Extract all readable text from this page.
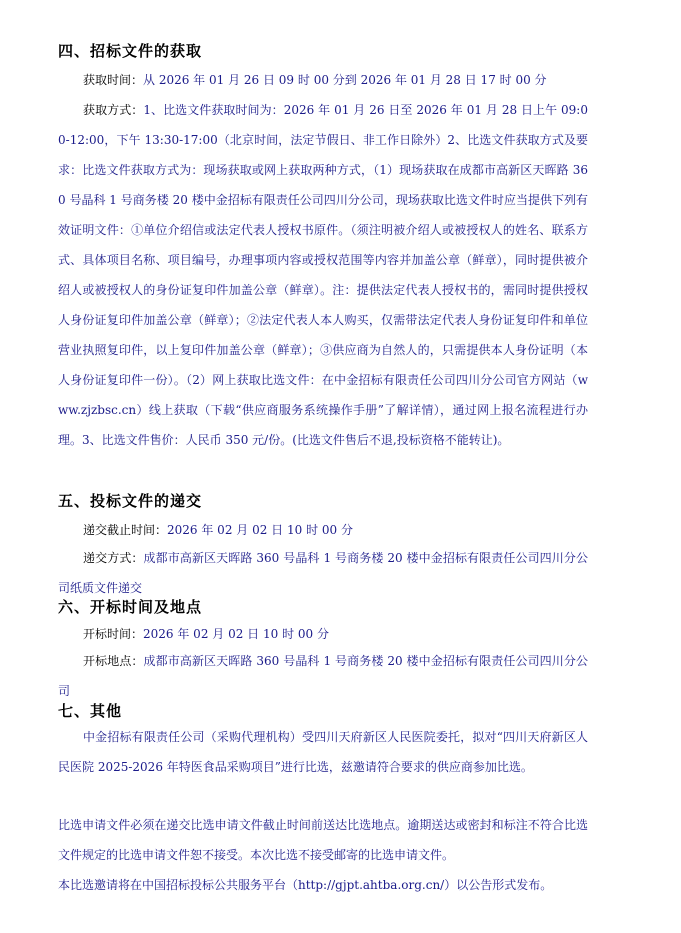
四、招标文件的获取
获取时间：从 2026 年 01 月 26 日 09 时 00 分到 2026 年 01 月 28 日 17 时 00 分
获取方式：1、比选文件获取时间为：2026 年 01 月 26 日至 2026 年 01 月 28 日上午 09:00-12:00，下午 13:30-17:00（北京时间，法定节假日、非工作日除外）2、比选文件获取方式及要求：比选文件获取方式为：现场获取或网上获取两种方式，（1）现场获取在成都市高新区天晖路 360 号晶科 1 号商务楼 20 楼中金招标有限责任公司四川分公司，现场获取比选文件时应当提供下列有效证明文件：①单位介绍信或法定代表人授权书原件。（须注明被介绍人或被授权人的姓名、联系方式、具体项目名称、项目编号，办理事项内容或授权范围等内容并加盖公章（鲜章），同时提供被介绍人或被授权人的身份证复印件加盖公章（鲜章）。注：提供法定代表人授权书的，需同时提供授权人身份证复印件加盖公章（鲜章）；②法定代表人本人购买，仅需带法定代表人身份证复印件和单位营业执照复印件，以上复印件加盖公章（鲜章）；③供应商为自然人的，只需提供本人身份证明（本人身份证复印件一份）。（2）网上获取比选文件：在中金招标有限责任公司四川分公司官方网站（www.zjzbsc.cn）线上获取（下载“供应商服务系统操作手册”了解详情），通过网上报名流程进行办理。3、比选文件售价：人民币 350 元/份。(比选文件售后不退,投标资格不能转让)。
五、投标文件的递交
递交截止时间：2026 年 02 月 02 日 10 时 00 分
递交方式：成都市高新区天晖路 360 号晶科 1 号商务楼 20 楼中金招标有限责任公司四川分公司纸质文件递交
六、开标时间及地点
开标时间：2026 年 02 月 02 日 10 时 00 分
开标地点：成都市高新区天晖路 360 号晶科 1 号商务楼 20 楼中金招标有限责任公司四川分公司
七、其他
中金招标有限责任公司（采购代理机构）受四川天府新区人民医院委托，拟对“四川天府新区人民医院 2025-2026 年特医食品采购项目”进行比选，兹邀请符合要求的供应商参加比选。
比选申请文件必须在递交比选申请文件截止时间前送达比选地点。逾期送达或密封和标注不符合比选文件规定的比选申请文件恕不接受。本次比选不接受邮寄的比选申请文件。
本比选邀请将在中国招标投标公共服务平台（http://gjpt.ahtba.org.cn/）以公告形式发布。
